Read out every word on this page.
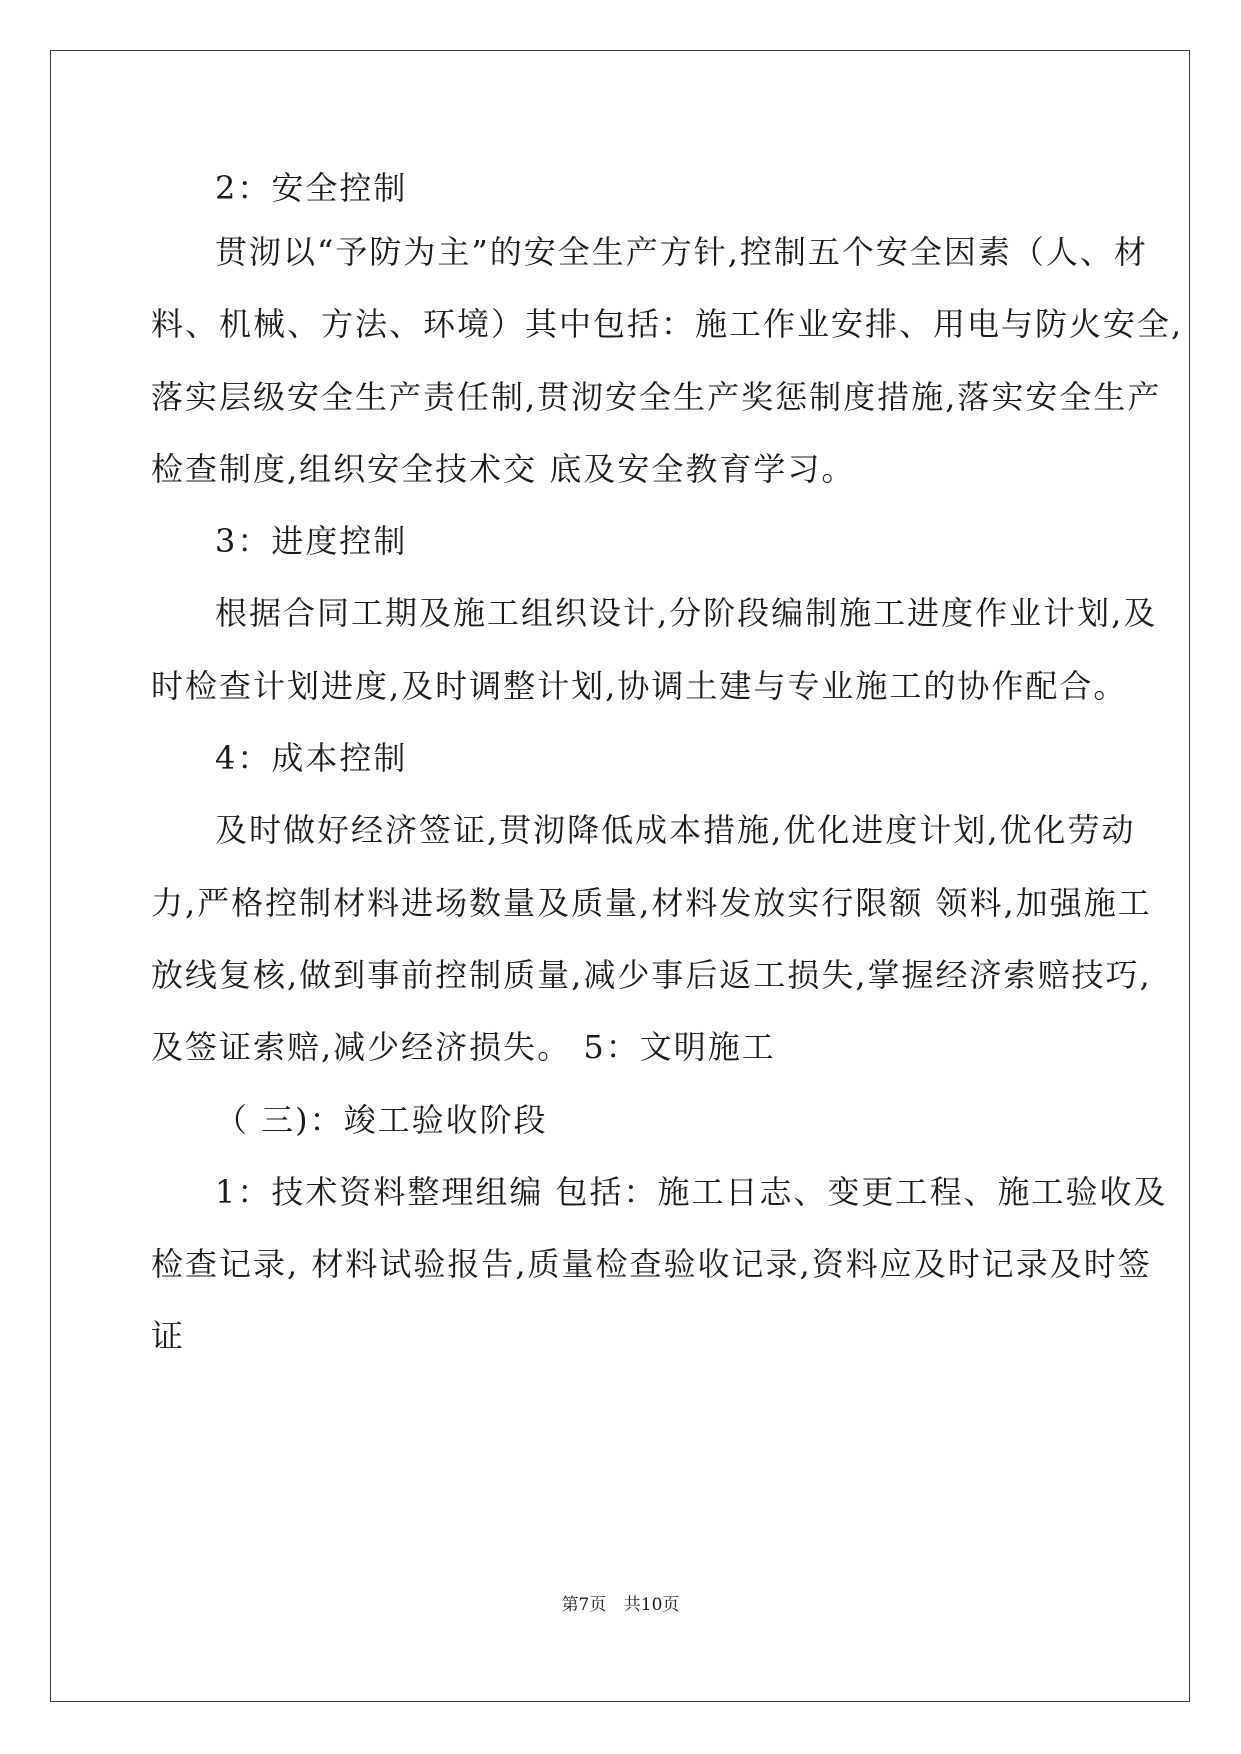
2：安全控制
贯沏以“予防为主”的安全生产方针,控制五个安全因素（人、材
料、机械、方法、环境）其中包括：施工作业安排、用电与防火安全,
落实层级安全生产责任制,贯沏安全生产奖惩制度措施,落实安全生产
检查制度,组织安全技术交 底及安全教育学习。
3：进度控制
根据合同工期及施工组织设计,分阶段编制施工进度作业计划,及
时检查计划进度,及时调整计划,协调土建与专业施工的协作配合。
4：成本控制
及时做好经济签证,贯沏降低成本措施,优化进度计划,优化劳动
力,严格控制材料进场数量及质量,材料发放实行限额 领料,加强施工
放线复核,做到事前控制质量,减少事后返工损失,掌握经济索赔技巧,
及签证索赔,减少经济损失。 5：文明施工
（ 三)：竣工验收阶段
1：技术资料整理组编 包括：施工日志、变更工程、施工验收及
检查记录, 材料试验报告,质量检查验收记录,资料应及时记录及时签
证
第7页 共10页
